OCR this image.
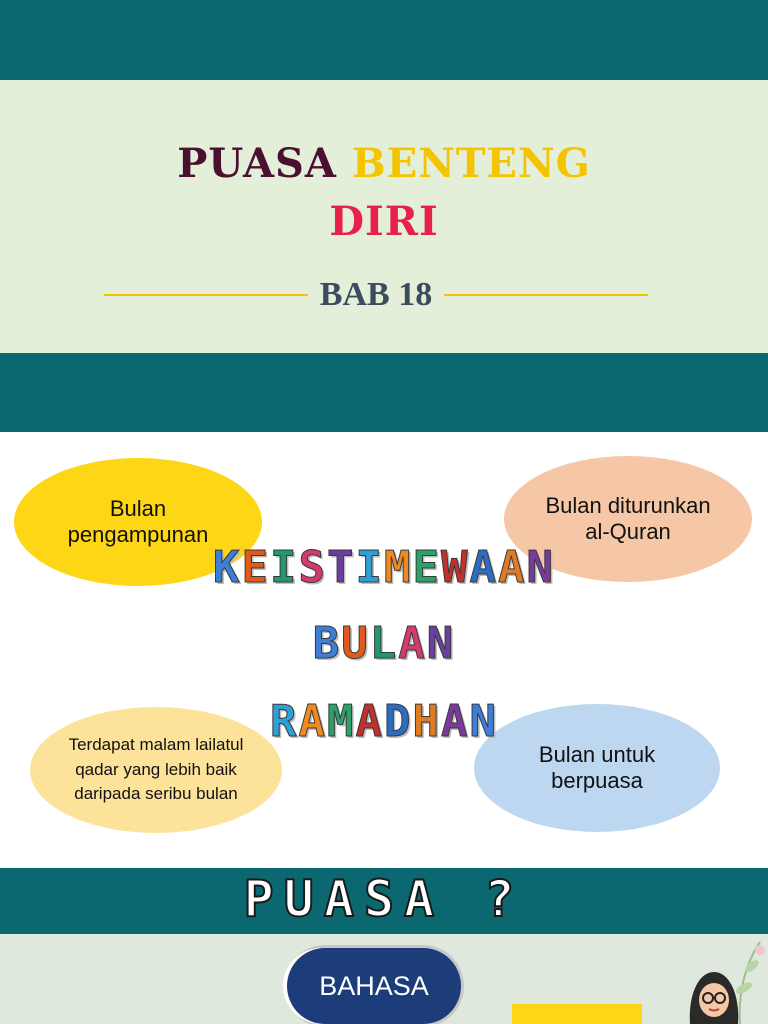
PUASA BENTENG
DIRI
BAB 18
Bulan
pengampunan
Bulan diturunkan
al-Quran
Terdapat malam lailatul
qadar yang lebih baik
daripada seribu bulan
Bulan untuk
berpuasa
KEISTIMEWAAN
BULAN
RAMADHAN
PUASA ?
BAHASA
